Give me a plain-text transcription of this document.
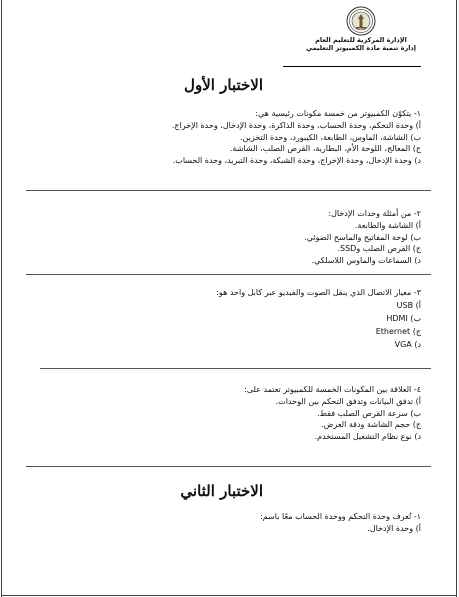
الإدارة المركزية للتعليم العام
إدارة تنمية مادة الكمبيوتر التعليمي
الاختبار الأول
١- يتكوّن الكمبيوتر من خمسة مكونات رئيسية هي:
أ) وحدة التحكم، وحدة الحساب، وحدة الذاكرة، وحدة الإدخال، وحدة الإخراج.
ب) الشاشة، الماوس، الطابعة، الكيبورد، وحدة التخزين.
ج) المعالج، اللوحة الأم، البطارية، القرص الصلب، الشاشة.
د) وحدة الإدخال، وحدة الإخراج، وحدة الشبكة، وحدة التبريد، وحدة الحساب.
٢- من أمثلة وحدات الإدخال:
أ) الشاشة والطابعة.
ب) لوحة المفاتيح والماسح الضوئي.
ج) القرص الصلب وSSD.
د) السماعات والماوس اللاسلكي.
٣- معيار الاتصال الذي ينقل الصوت والفيديو عبر كابل واحد هو:
USB (أ
HDMI (ب
Ethernet (ج
VGA (د
٤- العلاقة بين المكونات الخمسة للكمبيوتر تعتمد على:
أ) تدفق البيانات وتدفق التحكم بين الوحدات.
ب) سرعة القرص الصلب فقط.
ج) حجم الشاشة ودقة العرض.
د) نوع نظام التشغيل المستخدم.
الاختبار الثاني
١- تُعرف وحدة التحكم ووحدة الحساب معًا باسم:
أ) وحدة الإدخال.
